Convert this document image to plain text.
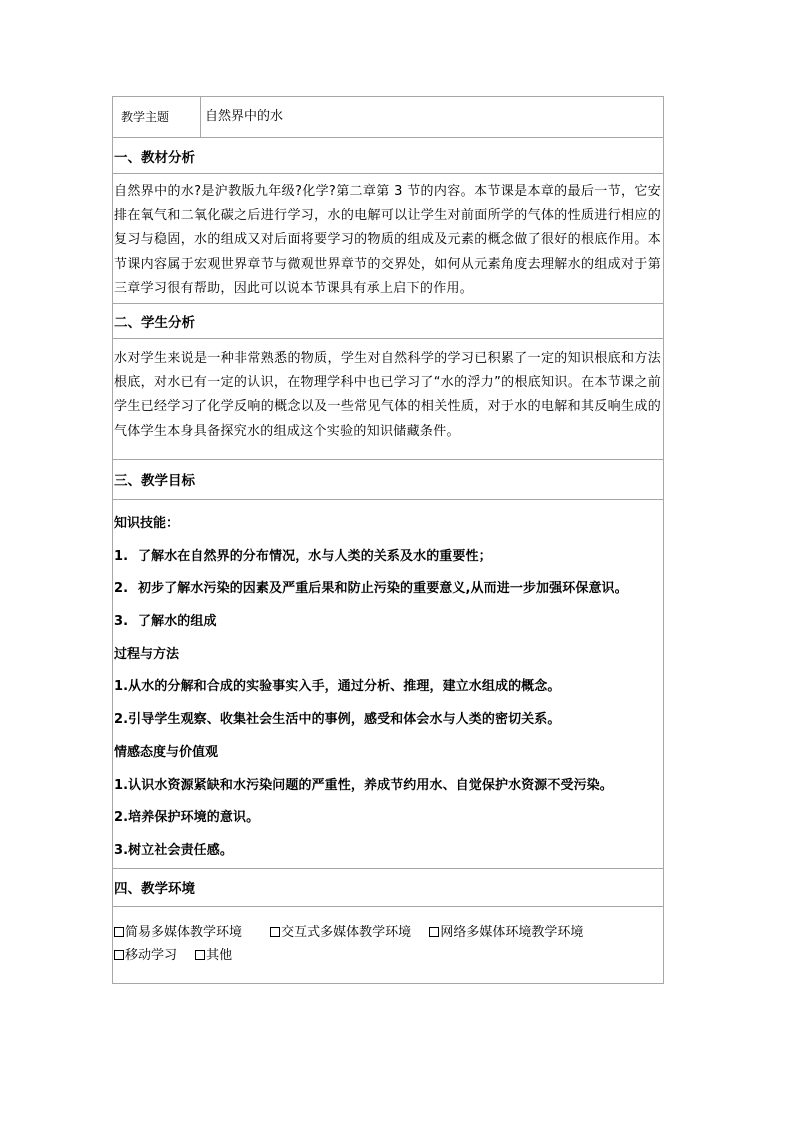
教学主题	自然界中的水
一、教材分析
自然界中的水?是沪教版九年级?化学?第二章第 3 节的内容。本节课是本章的最后一节，它安排在氧气和二氧化碳之后进行学习，水的电解可以让学生对前面所学的气体的性质进行相应的复习与稳固，水的组成又对后面将要学习的物质的组成及元素的概念做了很好的根底作用。本节课内容属于宏观世界章节与微观世界章节的交界处，如何从元素角度去理解水的组成对于第三章学习很有帮助，因此可以说本节课具有承上启下的作用。
二、学生分析
水对学生来说是一种非常熟悉的物质，学生对自然科学的学习已积累了一定的知识根底和方法根底，对水已有一定的认识，在物理学科中也已学习了“水的浮力”的根底知识。在本节课之前学生已经学习了化学反响的概念以及一些常见气体的相关性质，对于水的电解和其反响生成的气体学生本身具备探究水的组成这个实验的知识储藏条件。
三、教学目标
知识技能：
1. 了解水在自然界的分布情况，水与人类的关系及水的重要性；
2. 初步了解水污染的因素及严重后果和防止污染的重要意义,从而进一步加强环保意识。
3. 了解水的组成
过程与方法
1.从水的分解和合成的实验事实入手，通过分析、推理，建立水组成的概念。
2.引导学生观察、收集社会生活中的事例，感受和体会水与人类的密切关系。
情感态度与价值观
1.认识水资源紧缺和水污染问题的严重性，养成节约用水、自觉保护水资源不受污染。
2.培养保护环境的意识。
3.树立社会责任感。
四、教学环境
简易多媒体教学环境	交互式多媒体教学环境 网络多媒体环境教学环境
移动学习 其他
